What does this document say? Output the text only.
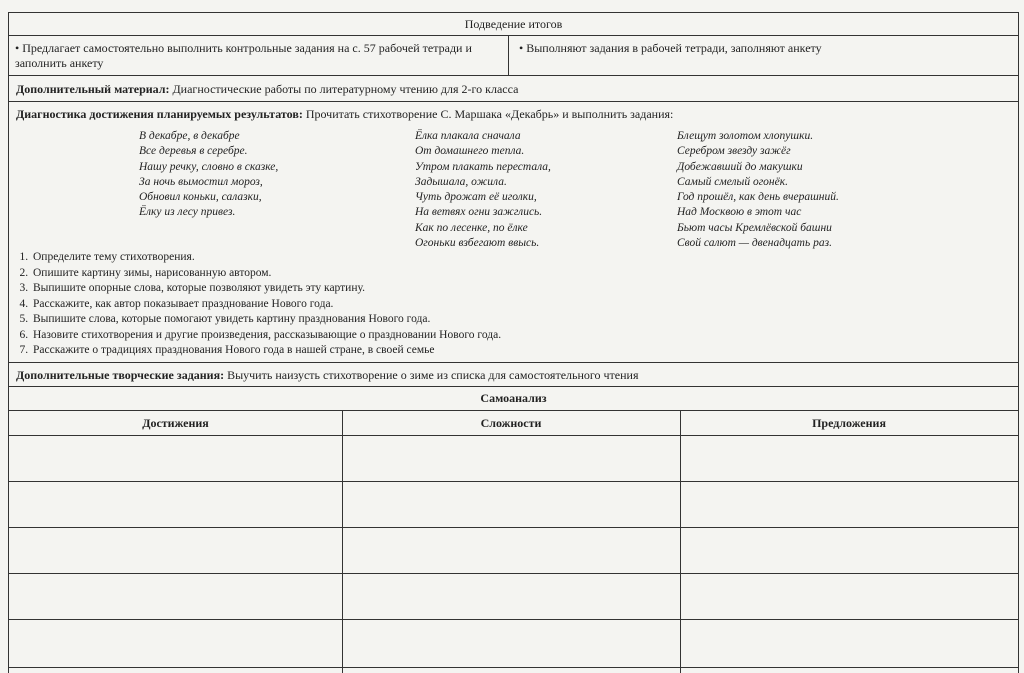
Подведение итогов
• Предлагает самостоятельно выполнить контрольные задания на с. 57 рабочей тетради и заполнить анкету
• Выполняют задания в рабочей тетради, заполняют анкету
Дополнительный материал: Диагностические работы по литературному чтению для 2-го класса
Диагностика достижения планируемых результатов: Прочитать стихотворение С. Маршака «Декабрь» и выполнить задания:
В декабре, в декабре
Все деревья в серебре.
Нашу речку, словно в сказке,
За ночь вымостил мороз,
Обновил коньки, салазки,
Ёлку из лесу привез.
Ёлка плакала сначала
От домашнего тепла.
Утром плакать перестала,
Задышала, ожила.
Чуть дрожат её иголки,
На ветвях огни зажглись.
Как по лесенке, по ёлке
Огоньки взбегают ввысь.
Блещут золотом хлопушки.
Серебром звезду зажёг
Добежавший до макушки
Самый смелый огонёк.
Год прошёл, как день вчерашний.
Над Москвою в этот час
Бьют часы Кремлёвской башни
Свой салют — двенадцать раз.
1. Определите тему стихотворения.
2. Опишите картину зимы, нарисованную автором.
3. Выпишите опорные слова, которые позволяют увидеть эту картину.
4. Расскажите, как автор показывает празднование Нового года.
5. Выпишите слова, которые помогают увидеть картину празднования Нового года.
6. Назовите стихотворения и другие произведения, рассказывающие о праздновании Нового года.
7. Расскажите о традициях празднования Нового года в нашей стране, в своей семье
Дополнительные творческие задания: Выучить наизусть стихотворение о зиме из списка для самостоятельного чтения
Самоанализ
Достижения	Сложности	Предложения
